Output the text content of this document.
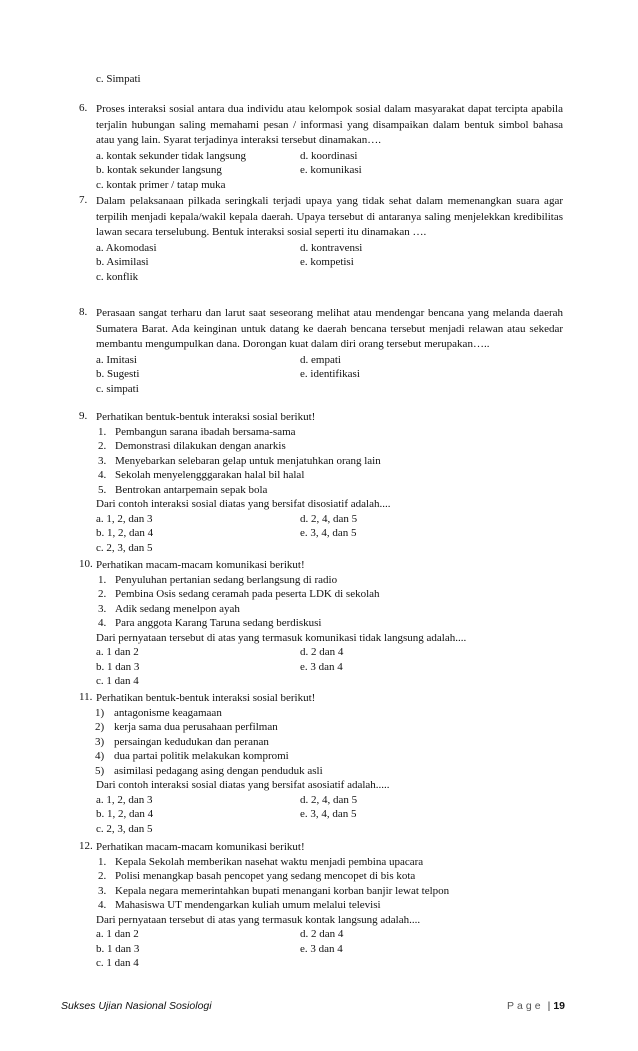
c. Simpati
6. Proses interaksi sosial antara dua individu atau kelompok sosial dalam masyarakat dapat tercipta apabila terjalin hubungan saling memahami pesan / informasi yang disampaikan dalam bentuk simbol bahasa atau yang lain. Syarat terjadinya interaksi tersebut dinamakan….
a. kontak sekunder tidak langsung	d. koordinasi
b. kontak sekunder langsung	e. komunikasi
c. kontak primer / tatap muka
7. Dalam pelaksanaan pilkada seringkali terjadi upaya yang tidak sehat dalam memenangkan suara agar terpilih menjadi kepala/wakil kepala daerah. Upaya tersebut di antaranya saling menjelekkan kredibilitas lawan secara terselubung. Bentuk interaksi sosial seperti itu dinamakan ….
a. Akomodasi	d. kontravensi
b. Asimilasi	e. kompetisi
c. konflik
8. Perasaan sangat terharu dan larut saat seseorang melihat atau mendengar bencana yang melanda daerah Sumatera Barat. Ada keinginan untuk datang ke daerah bencana tersebut menjadi relawan atau sekedar membantu mengumpulkan dana. Dorongan kuat dalam diri orang tersebut merupakan…..
a. Imitasi	d. empati
b. Sugesti	e. identifikasi
c. simpati
9. Perhatikan bentuk-bentuk interaksi sosial berikut!
1. Pembangun sarana ibadah bersama-sama
2. Demonstrasi dilakukan dengan anarkis
3. Menyebarkan selebaran gelap untuk menjatuhkan orang lain
4. Sekolah menyelengggarakan halal bil halal
5. Bentrokan antarpemain sepak bola
Dari contoh interaksi sosial diatas yang bersifat disosiatif adalah....
a. 1, 2, dan 3	d. 2, 4, dan 5
b. 1, 2, dan 4	e. 3, 4, dan 5
c. 2, 3, dan 5
10. Perhatikan macam-macam komunikasi berikut!
1. Penyuluhan pertanian sedang berlangsung di radio
2. Pembina Osis sedang ceramah pada peserta LDK di sekolah
3. Adik sedang menelpon ayah
4. Para anggota Karang Taruna sedang berdiskusi
Dari pernyataan tersebut di atas yang termasuk komunikasi tidak langsung adalah....
a. 1 dan 2	d. 2 dan 4
b. 1 dan 3	e. 3 dan 4
c. 1 dan 4
11. Perhatikan bentuk-bentuk interaksi sosial berikut!
1) antagonisme keagamaan
2) kerja sama dua perusahaan perfilman
3) persaingan kedudukan dan peranan
4) dua partai politik melakukan kompromi
5) asimilasi pedagang asing dengan penduduk asli
Dari contoh interaksi sosial diatas yang bersifat asosiatif adalah.....
a. 1, 2, dan 3	d. 2, 4, dan 5
b. 1, 2, dan 4	e. 3, 4, dan 5
c. 2, 3, dan 5
12. Perhatikan macam-macam komunikasi berikut!
1. Kepala Sekolah memberikan nasehat waktu menjadi pembina upacara
2. Polisi menangkap basah pencopet yang sedang mencopet di bis kota
3. Kepala negara memerintahkan bupati menangani korban banjir lewat telpon
4. Mahasiswa UT mendengarkan kuliah umum melalui televisi
Dari pernyataan tersebut di atas yang termasuk kontak langsung adalah....
a. 1 dan 2	d. 2 dan 4
b. 1 dan 3	e. 3 dan 4
c. 1 dan 4
Sukses Ujian Nasional Sosiologi	Page | 19
